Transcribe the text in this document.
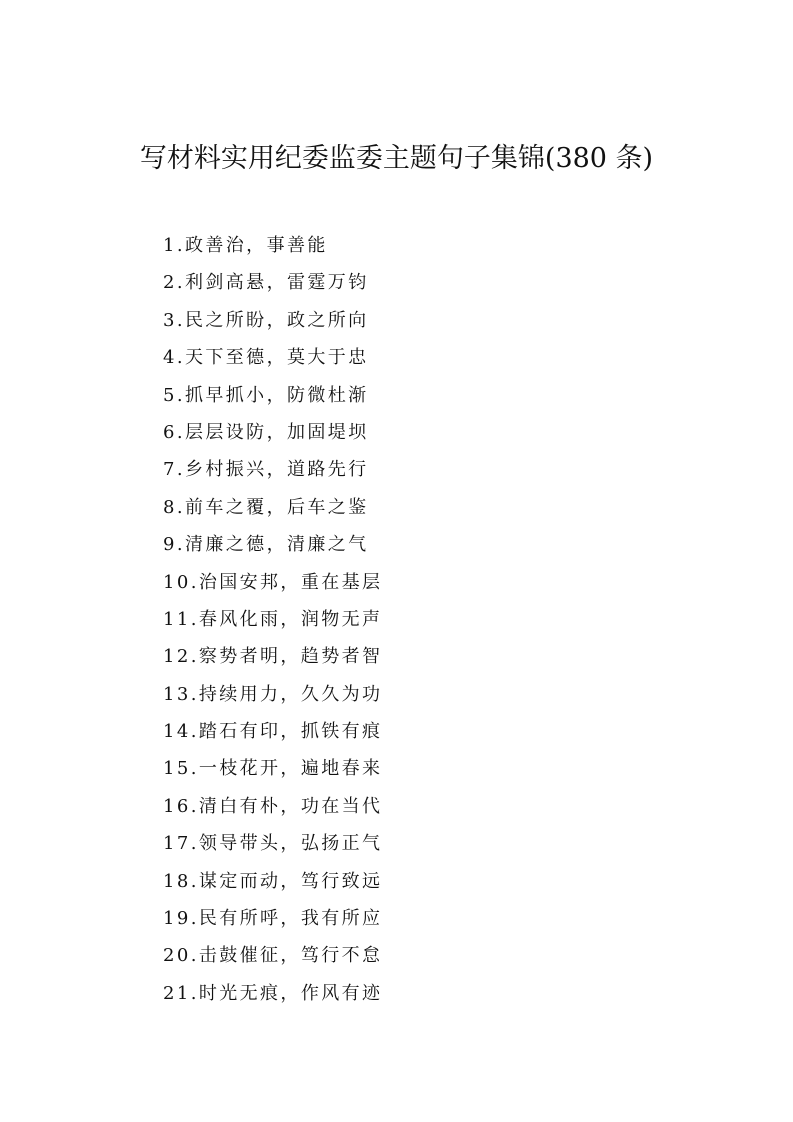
写材料实用纪委监委主题句子集锦(380 条)
1.政善治，事善能
2.利剑高悬，雷霆万钧
3.民之所盼，政之所向
4.天下至德，莫大于忠
5.抓早抓小，防微杜渐
6.层层设防，加固堤坝
7.乡村振兴，道路先行
8.前车之覆，后车之鉴
9.清廉之德，清廉之气
10.治国安邦，重在基层
11.春风化雨，润物无声
12.察势者明，趋势者智
13.持续用力，久久为功
14.踏石有印，抓铁有痕
15.一枝花开，遍地春来
16.清白有朴，功在当代
17.领导带头，弘扬正气
18.谋定而动，笃行致远
19.民有所呼，我有所应
20.击鼓催征，笃行不怠
21.时光无痕，作风有迹
